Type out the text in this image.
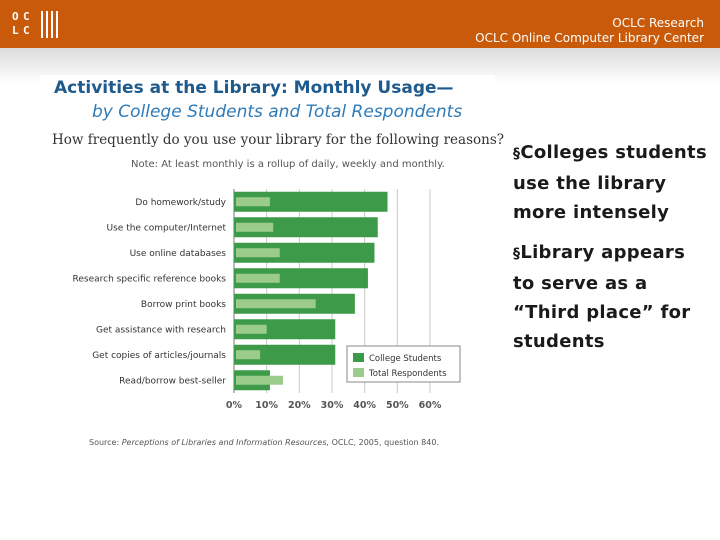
O C
L C
OCLC Research
OCLC Online Computer Library Center
Activities at the Library: Monthly Usage—
by College Students and Total Respondents
How frequently do you use your library for the following reasons?
Note: At least monthly is a rollup of daily, weekly and monthly.
0% 10% 20% 30% 40% 50% 60%
Do homework/study
Use the computer/Internet
Use online databases
Research specific reference books
Borrow print books
Get assistance with research
Get copies of articles/journals
Read/borrow best-seller
College Students
Total Respondents
Source: Perceptions of Libraries and Information Resources, OCLC, 2005, question 840.

§Colleges students use the library more intensely

§Library appears to serve as a “Third place” for students
